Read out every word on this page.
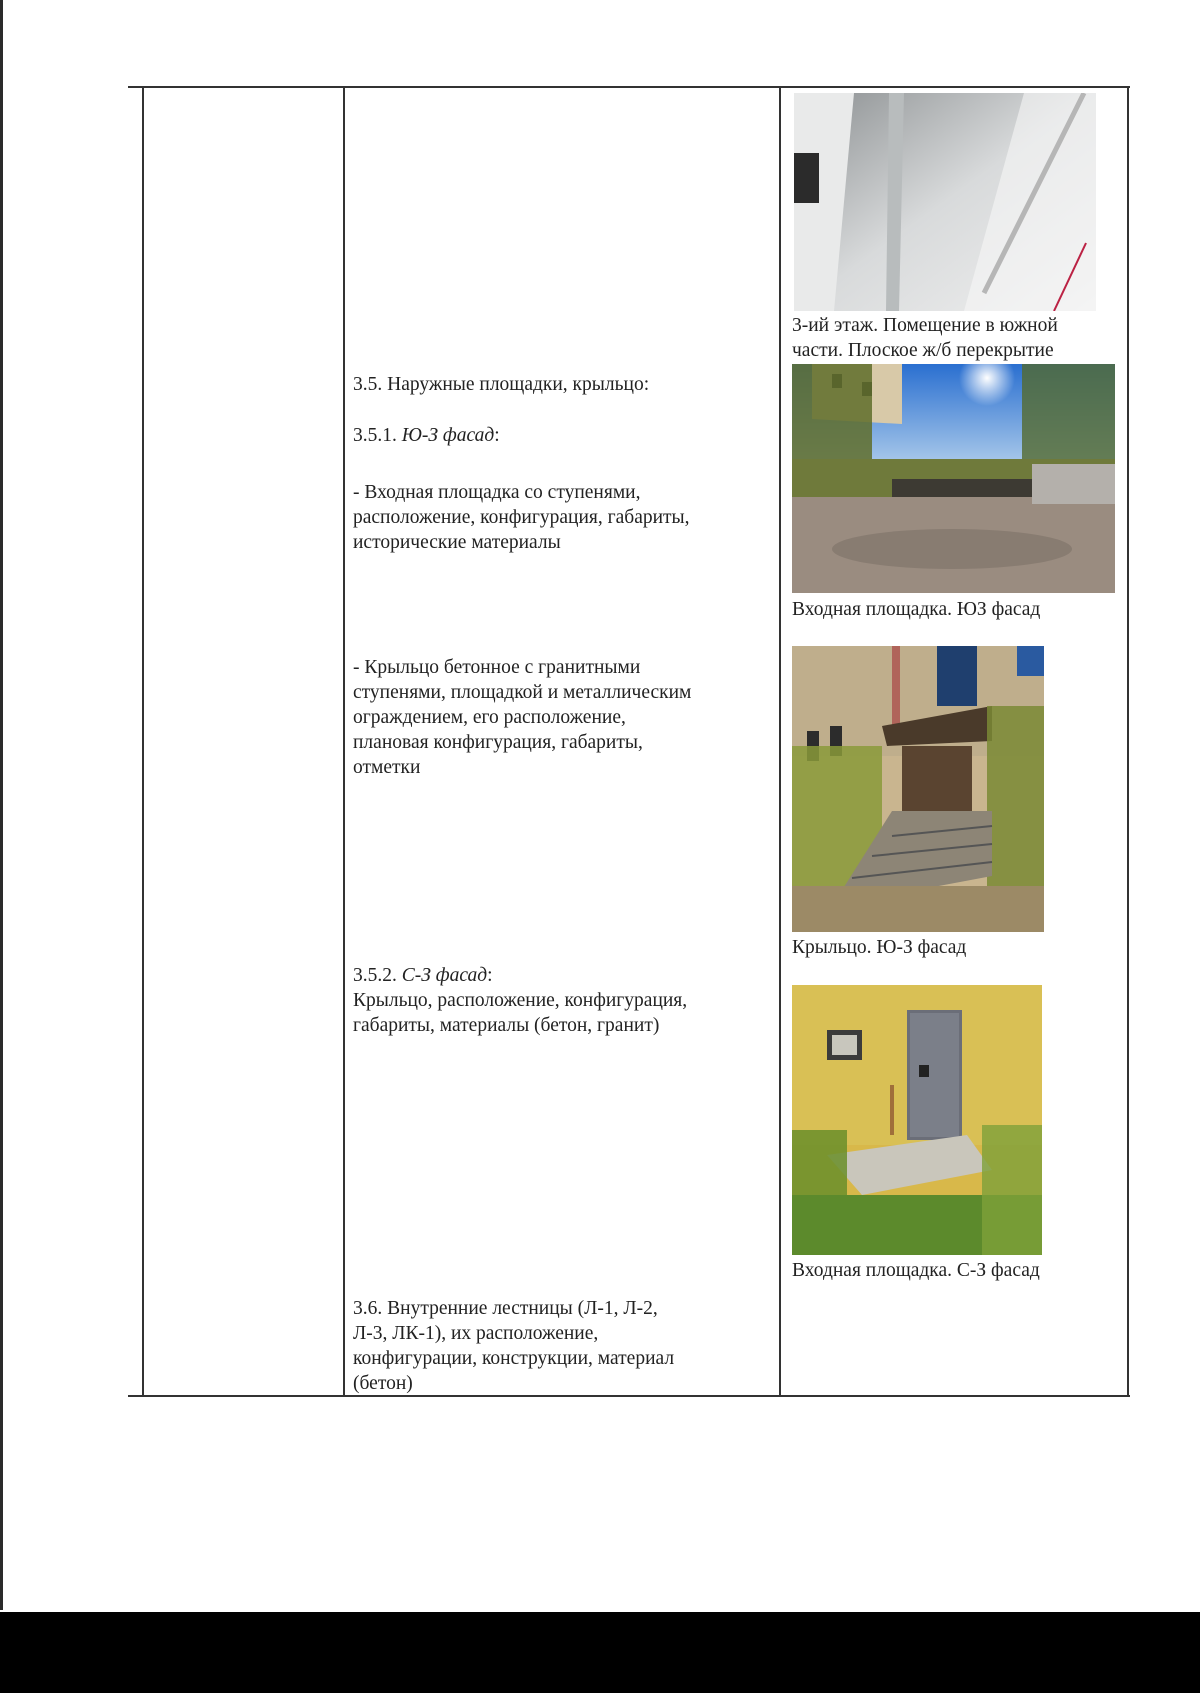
3.5. Наружные площадки, крыльцо:
3.5.1. Ю-З фасад:
- Входная площадка со ступенями,
расположение, конфигурация, габариты,
исторические материалы
- Крыльцо бетонное с гранитными
ступенями, площадкой и металлическим
ограждением, его расположение,
плановая конфигурация, габариты,
отметки
3.5.2. С-З фасад:
Крыльцо, расположение, конфигурация,
габариты, материалы (бетон, гранит)
3.6. Внутренние лестницы (Л-1, Л-2,
Л-3, ЛК-1), их расположение,
конфигурации, конструкции, материал
(бетон)
3-ий этаж. Помещение в южной
части. Плоское ж/б перекрытие
Входная площадка. ЮЗ фасад
Крыльцо. Ю-З фасад
Входная площадка. С-З фасад
